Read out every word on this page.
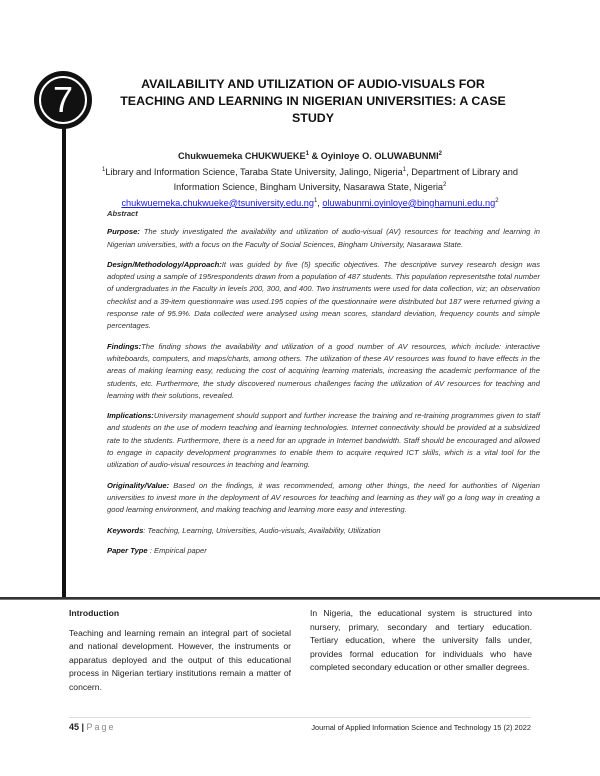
7	AVAILABILITY AND UTILIZATION OF AUDIO-VISUALS FOR TEACHING AND LEARNING IN NIGERIAN UNIVERSITIES: A CASE STUDY
Chukwuemeka CHUKWUEKE$^1$ & Oyinloye O. OLUWABUNMI$^2$
$^1$Library and Information Science, Taraba State University, Jalingo, Nigeria$^1$, Department of Library and Information Science, Bingham University, Nasarawa State, Nigeria$^2$
$chukwuemeka.chukwueke@tsuniversity.edu.ng^1$, $oluwabunmi.oyinloye@binghamuni.edu.ng^2$
Abstract

Purpose: The study investigated the availability and utilization of audio-visual (AV) resources for teaching and learning in Nigerian universities, with a focus on the Faculty of Social Sciences, Bingham University, Nasarawa State.

Design/Methodology/Approach:It was guided by five (5) specific objectives. The descriptive survey research design was adopted using a sample of 195respondents drawn from a population of 487 students. This population representsthe total number of undergraduates in the Faculty in levels 200, 300, and 400. Two instruments were used for data collection, viz; an observation checklist and a 39-item questionnaire was used.195 copies of the questionnaire were distributed but 187 were returned giving a response rate of 95.9%. Data collected were analysed using mean scores, standard deviation, frequency counts and simple percentages.

Findings:The finding shows the availability and utilization of a good number of AV resources, which include: interactive whiteboards, computers, and maps/charts, among others. The utilization of these AV resources was found to have effects in the areas of making learning easy, reducing the cost of acquiring learning materials, increasing the academic performance of the students, etc. Furthermore, the study discovered numerous challenges facing the utilization of AV resources for teaching and learning with their solutions, revealed.

Implications:University management should support and further increase the training and re-training programmes given to staff and students on the use of modern teaching and learning technologies. Internet connectivity should be provided at a subsidized rate to the students. Furthermore, there is a need for an upgrade in Internet bandwidth. Staff should be encouraged and allowed to engage in capacity development programmes to enable them to acquire required ICT skills, which is a vital tool for the utilization of audio-visual resources in teaching and learning.

Originality/Value: Based on the findings, it was recommended, among other things, the need for authorities of Nigerian universities to invest more in the deployment of AV resources for teaching and learning as they will go a long way in creating a good learning environment, and making teaching and learning more easy and interesting.

Keywords: Teaching, Learning, Universities, Audio-visuals, Availability, Utilization

Paper Type : Empirical paper

Introduction

Teaching and learning remain an integral part of societal and national development. However, the instruments or apparatus deployed and the output of this educational process in Nigerian tertiary institutions remain a matter of concern.

In Nigeria, the educational system is structured into nursery, primary, secondary and tertiary education. Tertiary education, where the university falls under, provides formal education for individuals who have completed secondary education or other smaller degrees.

45 | Page	Journal of Applied Information Science and Technology 15 (2) 2022
